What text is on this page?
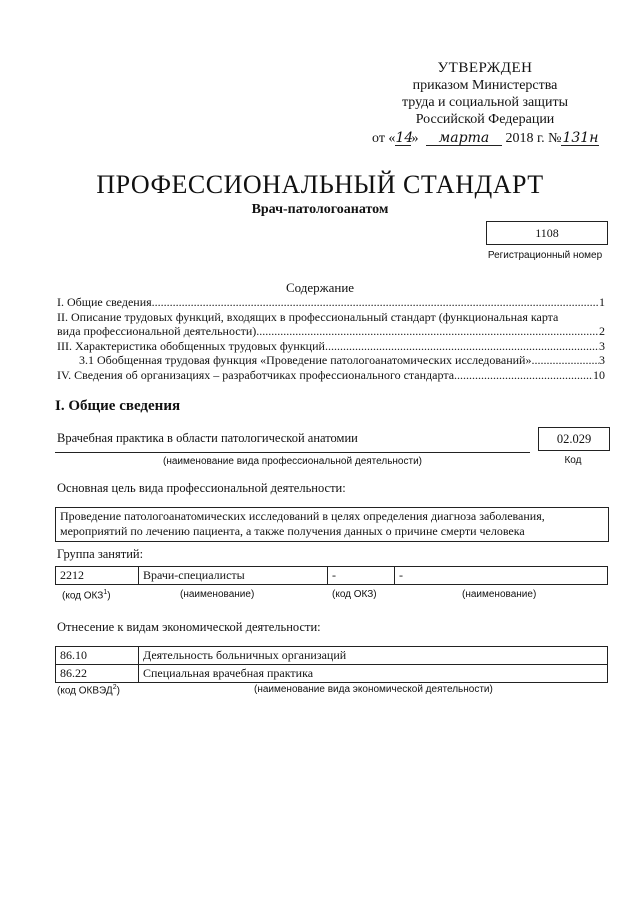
УТВЕРЖДЕН
приказом Министерства
труда и социальной защиты
Российской Федерации
от «14» марта 2018 г. №131н
ПРОФЕССИОНАЛЬНЫЙ СТАНДАРТ
Врач-патологоанатом
1108
Регистрационный номер
Содержание
I. Общие сведения .....	1
II. Описание трудовых функций, входящих в профессиональный стандарт (функциональная карта
вида профессиональной деятельности) .....	2
III. Характеристика обобщенных трудовых функций .....	3
3.1 Обобщенная трудовая функция «Проведение патологоанатомических исследований» .....	3
IV. Сведения об организациях – разработчиках профессионального стандарта .....	10
I. Общие сведения
Врачебная практика в области патологической анатомии
(наименование вида профессиональной деятельности)
02.029
Код
Основная цель вида профессиональной деятельности:
Проведение патологоанатомических исследований в целях определения диагноза заболевания, мероприятий по лечению пациента, а также получения данных о причине смерти человека
Группа занятий:
2212	Врачи-специалисты	-	-
(код ОКЗ$^1$)	(наименование)	(код ОКЗ)	(наименование)
Отнесение к видам экономической деятельности:
86.10	Деятельность больничных организаций
86.22	Специальная врачебная практика
(код ОКВЭД$^2$)	(наименование вида экономической деятельности)
